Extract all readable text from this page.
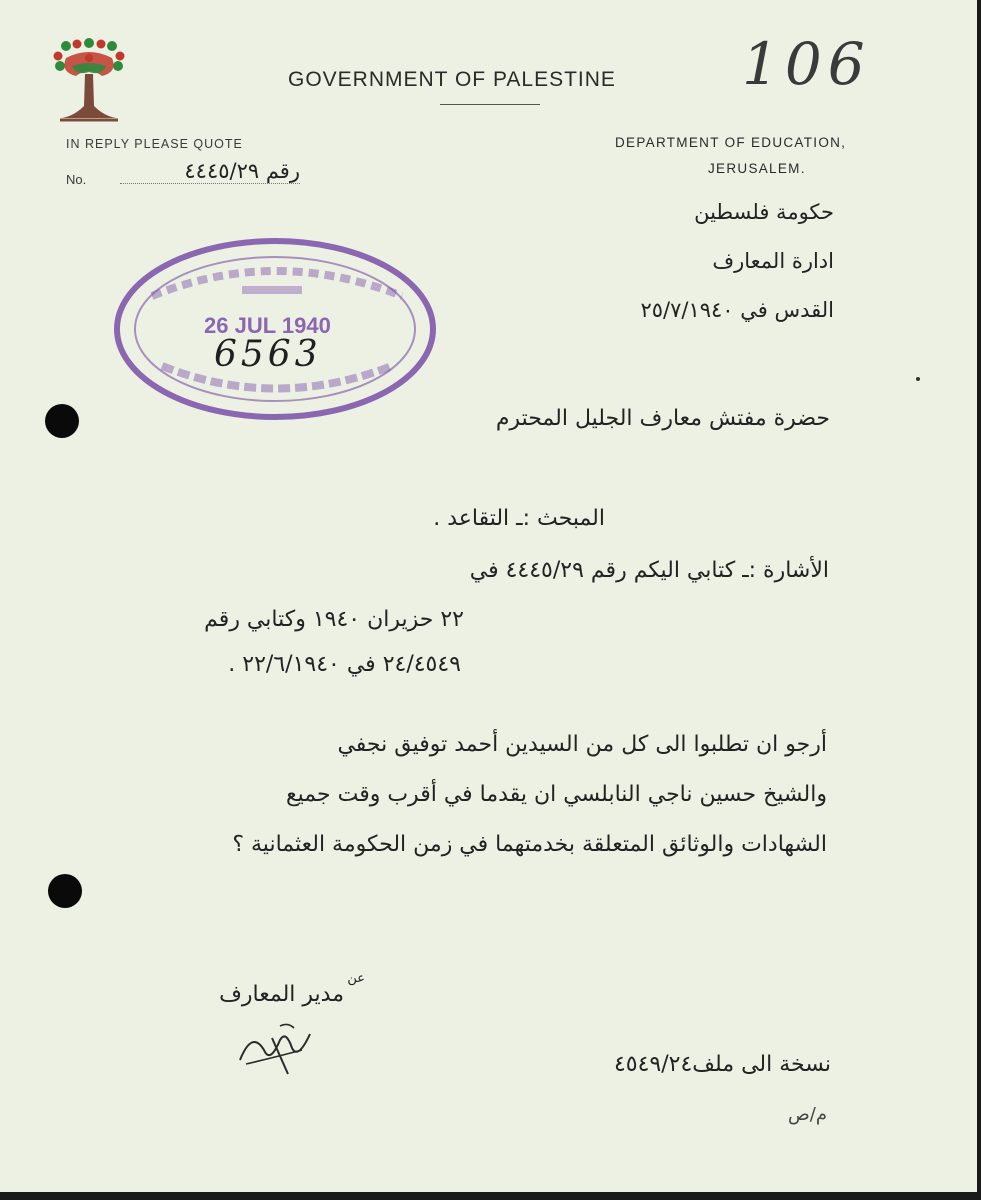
GOVERNMENT OF PALESTINE 106
IN REPLY PLEASE QUOTE
No.	رقم ٤٤٤٥/٢٩
DEPARTMENT OF EDUCATION,
JERUSALEM.
حكومة فلسطين
ادارة المعارف
القدس في ٢٥/٧/١٩٤٠
26 JUL 1940
6563
حضرة مفتش معارف الجليل المحترم
المبحث :ـ التقاعد .
الأشارة :ـ كتابي اليكم رقم ٤٤٤٥/٢٩ في
٢٢ حزيران ١٩٤٠ وكتابي رقم
٢٤/٤٥٤٩ في ٢٢/٦/١٩٤٠ .
أرجو ان تطلبوا الى كل من السيدين أحمد توفيق نجفي
والشيخ حسين ناجي النابلسي ان يقدما في أقرب وقت جميع
الشهادات والوثائق المتعلقة بخدمتهما في زمن الحكومة العثمانية ؟
عن
مدير المعارف
نسخة الى ملف٤٥٤٩/٢٤
م/ص
